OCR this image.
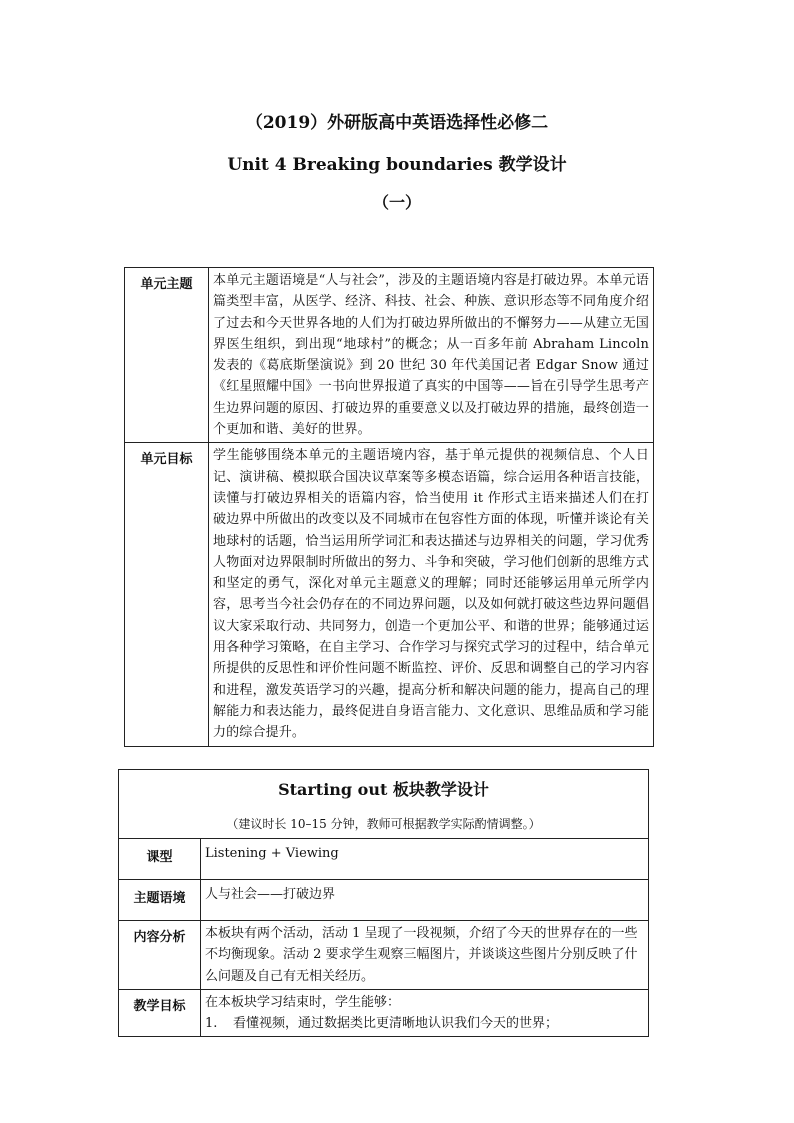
（2019）外研版高中英语选择性必修二
Unit 4 Breaking boundaries 教学设计
（一）
单元主题	本单元主题语境是“人与社会”，涉及的主题语境内容是打破边界。本单元语篇类型丰富，从医学、经济、科技、社会、种族、意识形态等不同角度介绍了过去和今天世界各地的人们为打破边界所做出的不懈努力——从建立无国界医生组织，到出现“地球村”的概念；从一百多年前 Abraham Lincoln 发表的《葛底斯堡演说》到 20 世纪 30 年代美国记者 Edgar Snow 通过《红星照耀中国》一书向世界报道了真实的中国等——旨在引导学生思考产生边界问题的原因、打破边界的重要意义以及打破边界的措施，最终创造一个更加和谐、美好的世界。
单元目标	学生能够围绕本单元的主题语境内容，基于单元提供的视频信息、个人日记、演讲稿、模拟联合国决议草案等多模态语篇，综合运用各种语言技能，读懂与打破边界相关的语篇内容，恰当使用 it 作形式主语来描述人们在打破边界中所做出的改变以及不同城市在包容性方面的体现，听懂并谈论有关地球村的话题，恰当运用所学词汇和表达描述与边界相关的问题，学习优秀人物面对边界限制时所做出的努力、斗争和突破，学习他们创新的思维方式和坚定的勇气，深化对单元主题意义的理解；同时还能够运用单元所学内容，思考当今社会仍存在的不同边界问题，以及如何就打破这些边界问题倡议大家采取行动、共同努力，创造一个更加公平、和谐的世界；能够通过运用各种学习策略，在自主学习、合作学习与探究式学习的过程中，结合单元所提供的反思性和评价性问题不断监控、评价、反思和调整自己的学习内容和进程，激发英语学习的兴趣，提高分析和解决问题的能力，提高自己的理解能力和表达能力，最终促进自身语言能力、文化意识、思维品质和学习能力的综合提升。
Starting out 板块教学设计
（建议时长 10–15 分钟，教师可根据教学实际酌情调整。）	

课型	Listening + Viewing
主题语境	人与社会——打破边界
内容分析	本板块有两个活动，活动 1 呈现了一段视频，介绍了今天的世界存在的一些不均衡现象。活动 2 要求学生观察三幅图片，并谈谈这些图片分别反映了什么问题及自己有无相关经历。
教学目标	在本板块学习结束时，学生能够：
1. 看懂视频，通过数据类比更清晰地认识我们今天的世界；
